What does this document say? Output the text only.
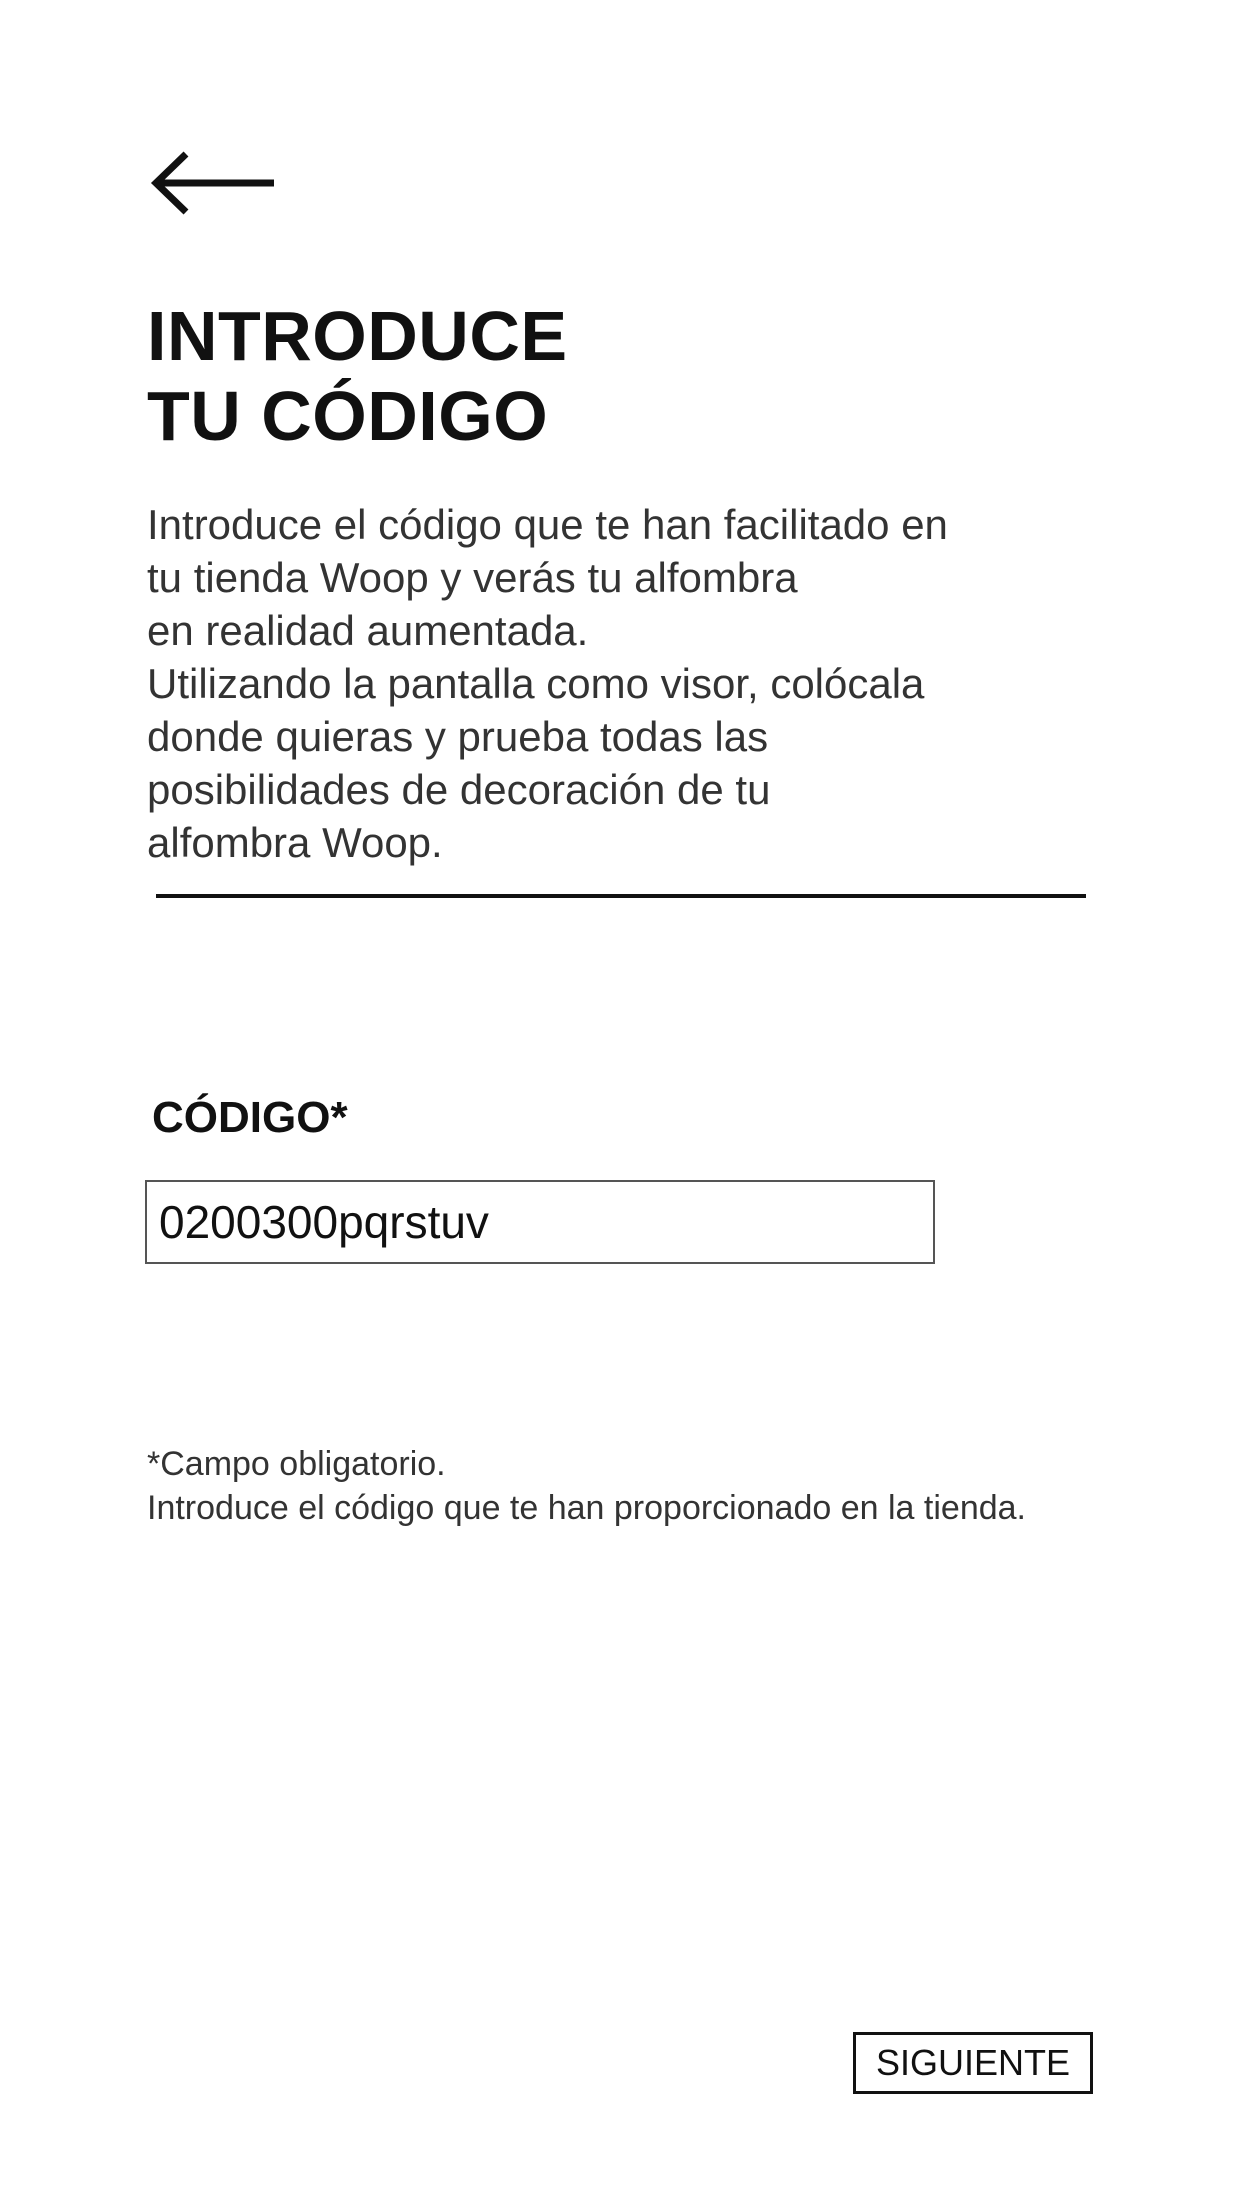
INTRODUCE
TU CÓDIGO

Introduce el código que te han facilitado en
tu tienda Woop y verás tu alfombra
en realidad aumentada.
Utilizando la pantalla como visor, colócala
donde quieras y prueba todas las
posibilidades de decoración de tu
alfombra Woop.

CÓDIGO*
0200300pqrstuv

*Campo obligatorio.
Introduce el código que te han proporcionado en la tienda.

SIGUIENTE
